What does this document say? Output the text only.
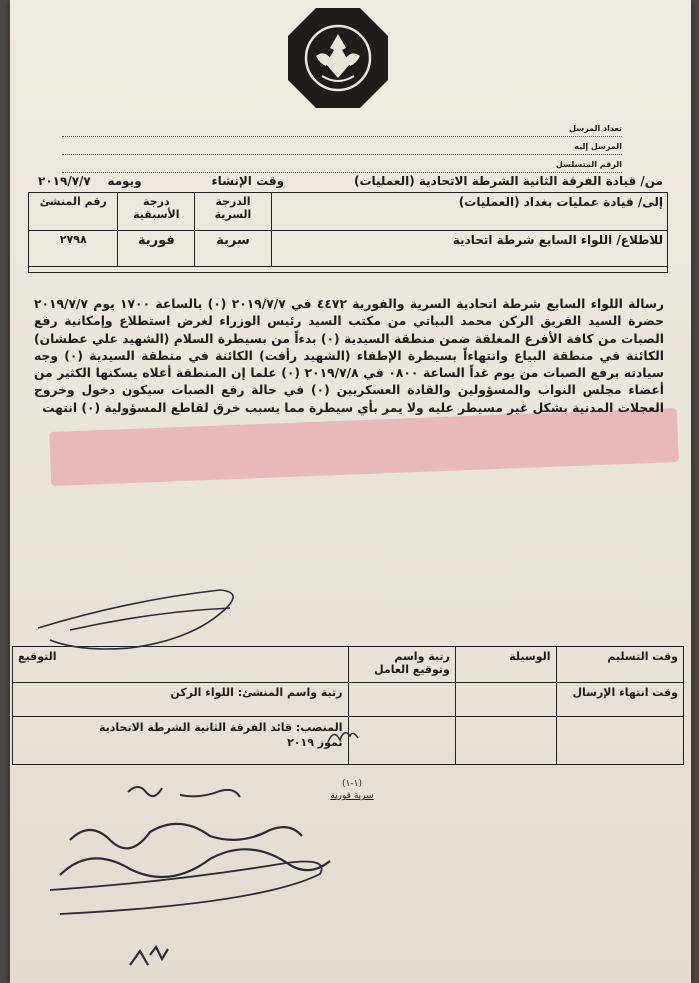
تعداد المرسل
المرسل إليه
الرقم المتسلسل
من/ قيادة الفرقة الثانية الشرطة الاتحادية (العمليات)
وقت الإنشاء
ويومه    ٢٠١٩/٧/٧
إلى/ قيادة عمليات بغداد (العمليات)	الدرجة السرية	درجة الأسبقية	رقم المنشئ
للاطلاع/ اللواء السابع شرطة اتحادية	سرية	فورية	٢٧٩٨

رسالة اللواء السابع شرطة اتحادية السرية والفورية ٤٤٧٢ في ٢٠١٩/٧/٧ (٠) بالساعة ١٧٠٠ يوم ٢٠١٩/٧/٧ حضرة السيد الفريق الركن محمد البياتي من مكتب السيد رئيس الوزراء لغرض استطلاع وإمكانية رفع الصبات من كافة الأفرع المغلقة ضمن منطقة السيدية (٠) بدءاً من بسيطرة السلام (الشهيد علي عطشان) الكائنة في منطقة البياع وانتهاءاً بسيطرة الإطفاء (الشهيد رأفت) الكائنة في منطقة السيدية (٠) وجه سيادته برفع الصبات من يوم غداً الساعة ٠٨٠٠ في ٢٠١٩/٧/٨ (٠) علما إن المنطقة أعلاه يسكنها الكثير من أعضاء مجلس النواب والمسؤولين والقادة العسكريين (٠) في حالة رفع الصبات سيكون دخول وخروج العجلات المدنية بشكل غير مسيطر عليه ولا يمر بأي سيطرة مما يسبب خرق لقاطع المسؤولية (٠) انتهت
وقت التسليم	الوسيلة	رتبة واسم وتوقيع العامل	التوقيع
وقت انتهاء الإرسال			رتبة واسم المنشئ: اللواء الركن

			المنصب: قائد الفرقة الثانية الشرطة الاتحادية
تموز ٢٠١٩
(١-١)
سرية فورية
